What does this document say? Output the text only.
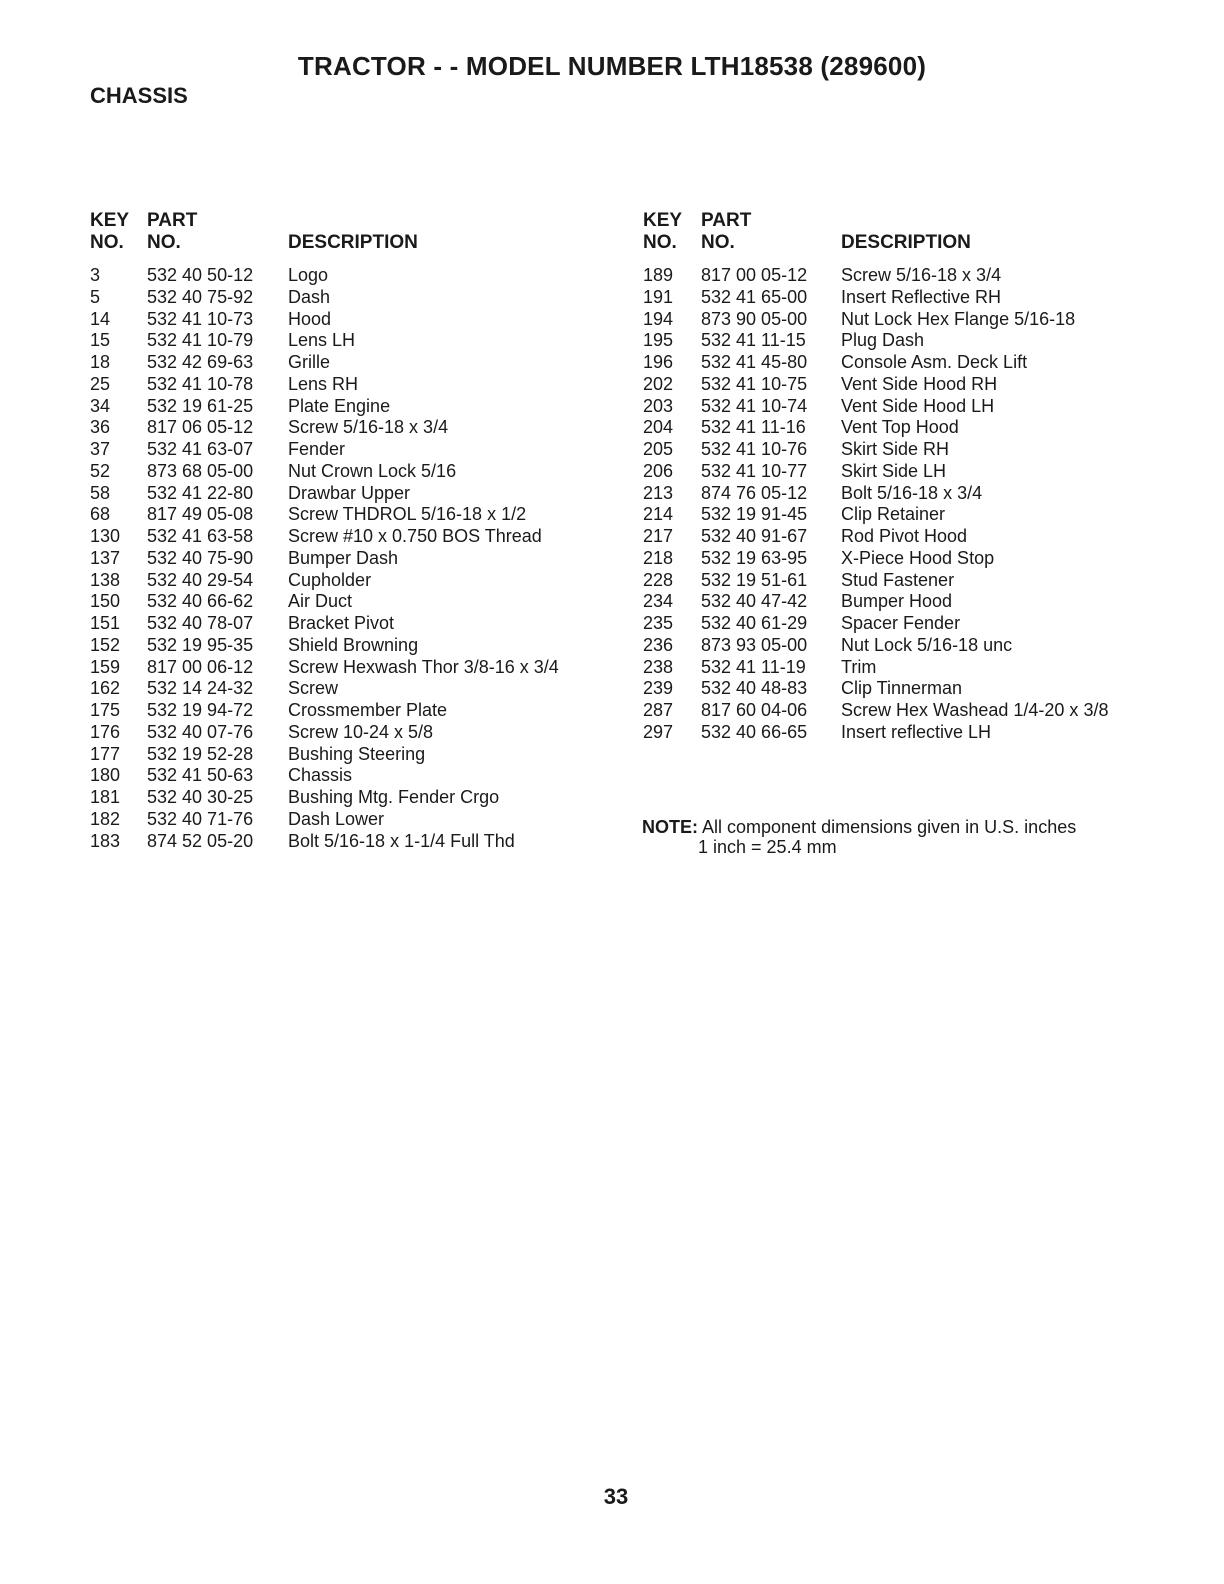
TRACTOR - - MODEL NUMBER LTH18538 (289600)
CHASSIS
KEY
NO.
PART
NO.	DESCRIPTION
3	532 40 50-12 Logo
5	532 40 75-92 Dash
14 532 41 10-73 Hood
15 532 41 10-79 Lens LH
18 532 42 69-63 Grille
25 532 41 10-78 Lens RH
34 532 19 61-25 Plate Engine
36 817 06 05-12 Screw 5/16-18 x 3/4
37 532 41 63-07 Fender
52 873 68 05-00 Nut Crown Lock 5/16
58 532 41 22-80 Drawbar Upper
68 817 49 05-08 Screw THDROL 5/16-18 x 1/2
130 532 41 63-58 Screw #10 x 0.750 BOS Thread
137 532 40 75-90 Bumper Dash
138 532 40 29-54 Cupholder
150 532 40 66-62 Air Duct
151 532 40 78-07 Bracket Pivot
152 532 19 95-35 Shield Browning
159 817 00 06-12 Screw Hexwash Thor 3/8-16 x 3/4
162 532 14 24-32 Screw
175 532 19 94-72 Crossmember Plate
176 532 40 07-76 Screw 10-24 x 5/8
177 532 19 52-28 Bushing Steering
180 532 41 50-63 Chassis
181 532 40 30-25 Bushing Mtg. Fender Crgo
182 532 40 71-76 Dash Lower
183 874 52 05-20 Bolt 5/16-18 x 1-1/4 Full Thd
KEY
NO.
PART
NO.	DESCRIPTION
189 817 00 05-12 Screw 5/16-18 x 3/4
191 532 41 65-00 Insert Reflective RH
194 873 90 05-00 Nut Lock Hex Flange 5/16-18
195 532 41 11-15 Plug Dash
196 532 41 45-80 Console Asm. Deck Lift
202 532 41 10-75 Vent Side Hood RH
203 532 41 10-74 Vent Side Hood LH
204 532 41 11-16 Vent Top Hood
205 532 41 10-76 Skirt Side RH
206 532 41 10-77 Skirt Side LH
213 874 76 05-12 Bolt 5/16-18 x 3/4
214 532 19 91-45 Clip Retainer
217 532 40 91-67 Rod Pivot Hood
218 532 19 63-95 X-Piece Hood Stop
228 532 19 51-61 Stud Fastener
234 532 40 47-42 Bumper Hood
235 532 40 61-29 Spacer Fender
236 873 93 05-00 Nut Lock 5/16-18 unc
238 532 41 11-19 Trim
239 532 40 48-83 Clip Tinnerman
287 817 60 04-06 Screw Hex Washead 1/4-20 x 3/8
297 532 40 66-65 Insert reflective LH
NOTE: All component dimensions given in U.S. inches
1 inch = 25.4 mm
33
